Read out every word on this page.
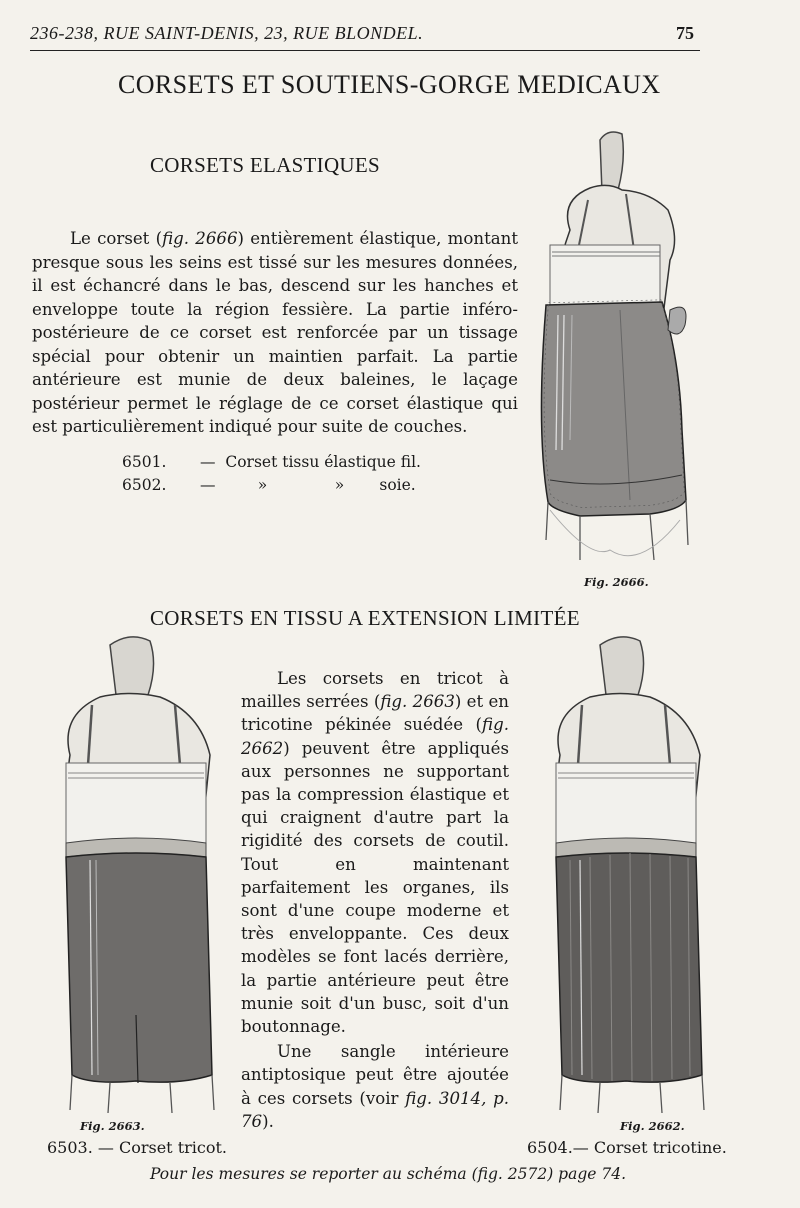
236-238, RUE SAINT-DENIS, 23, RUE BLONDEL.	75
CORSETS ET SOUTIENS-GORGE MEDICAUX
CORSETS ELASTIQUES
Le corset (fig. 2666) entièrement élastique, montant presque sous les seins est tissé sur les mesures données, il est échancré dans le bas, descend sur les hanches et enveloppe toute la région fessière. La partie inféro-postérieure de ce corset est renforcée par un tissage spécial pour obtenir un maintien parfait. La partie antérieure est munie de deux baleines, le laçage postérieur permet le réglage de ce corset élastique qui est particulièrement indiqué pour suite de couches.
6501. — Corset tissu élastique fil.
6502. —	»	» soie.
Fig. 2666.
CORSETS EN TISSU A EXTENSION LIMITÉE
Fig. 2663.

Les corsets en tricot à mailles serrées (fig. 2663) et en tricotine pékinée suédée (fig. 2662) peuvent être appliqués aux personnes ne supportant pas la compression élastique et qui craignent d'autre part la rigidité des corsets de coutil. Tout en maintenant parfaitement les organes, ils sont d'une coupe moderne et très enveloppante. Ces deux modèles se font lacés derrière, la partie antérieure peut être munie soit d'un busc, soit d'un boutonnage.

Une sangle intérieure antiptosique peut être ajoutée à ces corsets (voir fig. 3014, p. 76).	Fig. 2662.
6503. — Corset tricot.	6504.— Corset tricotine.
Pour les mesures se reporter au schéma (fig. 2572) page 74.
